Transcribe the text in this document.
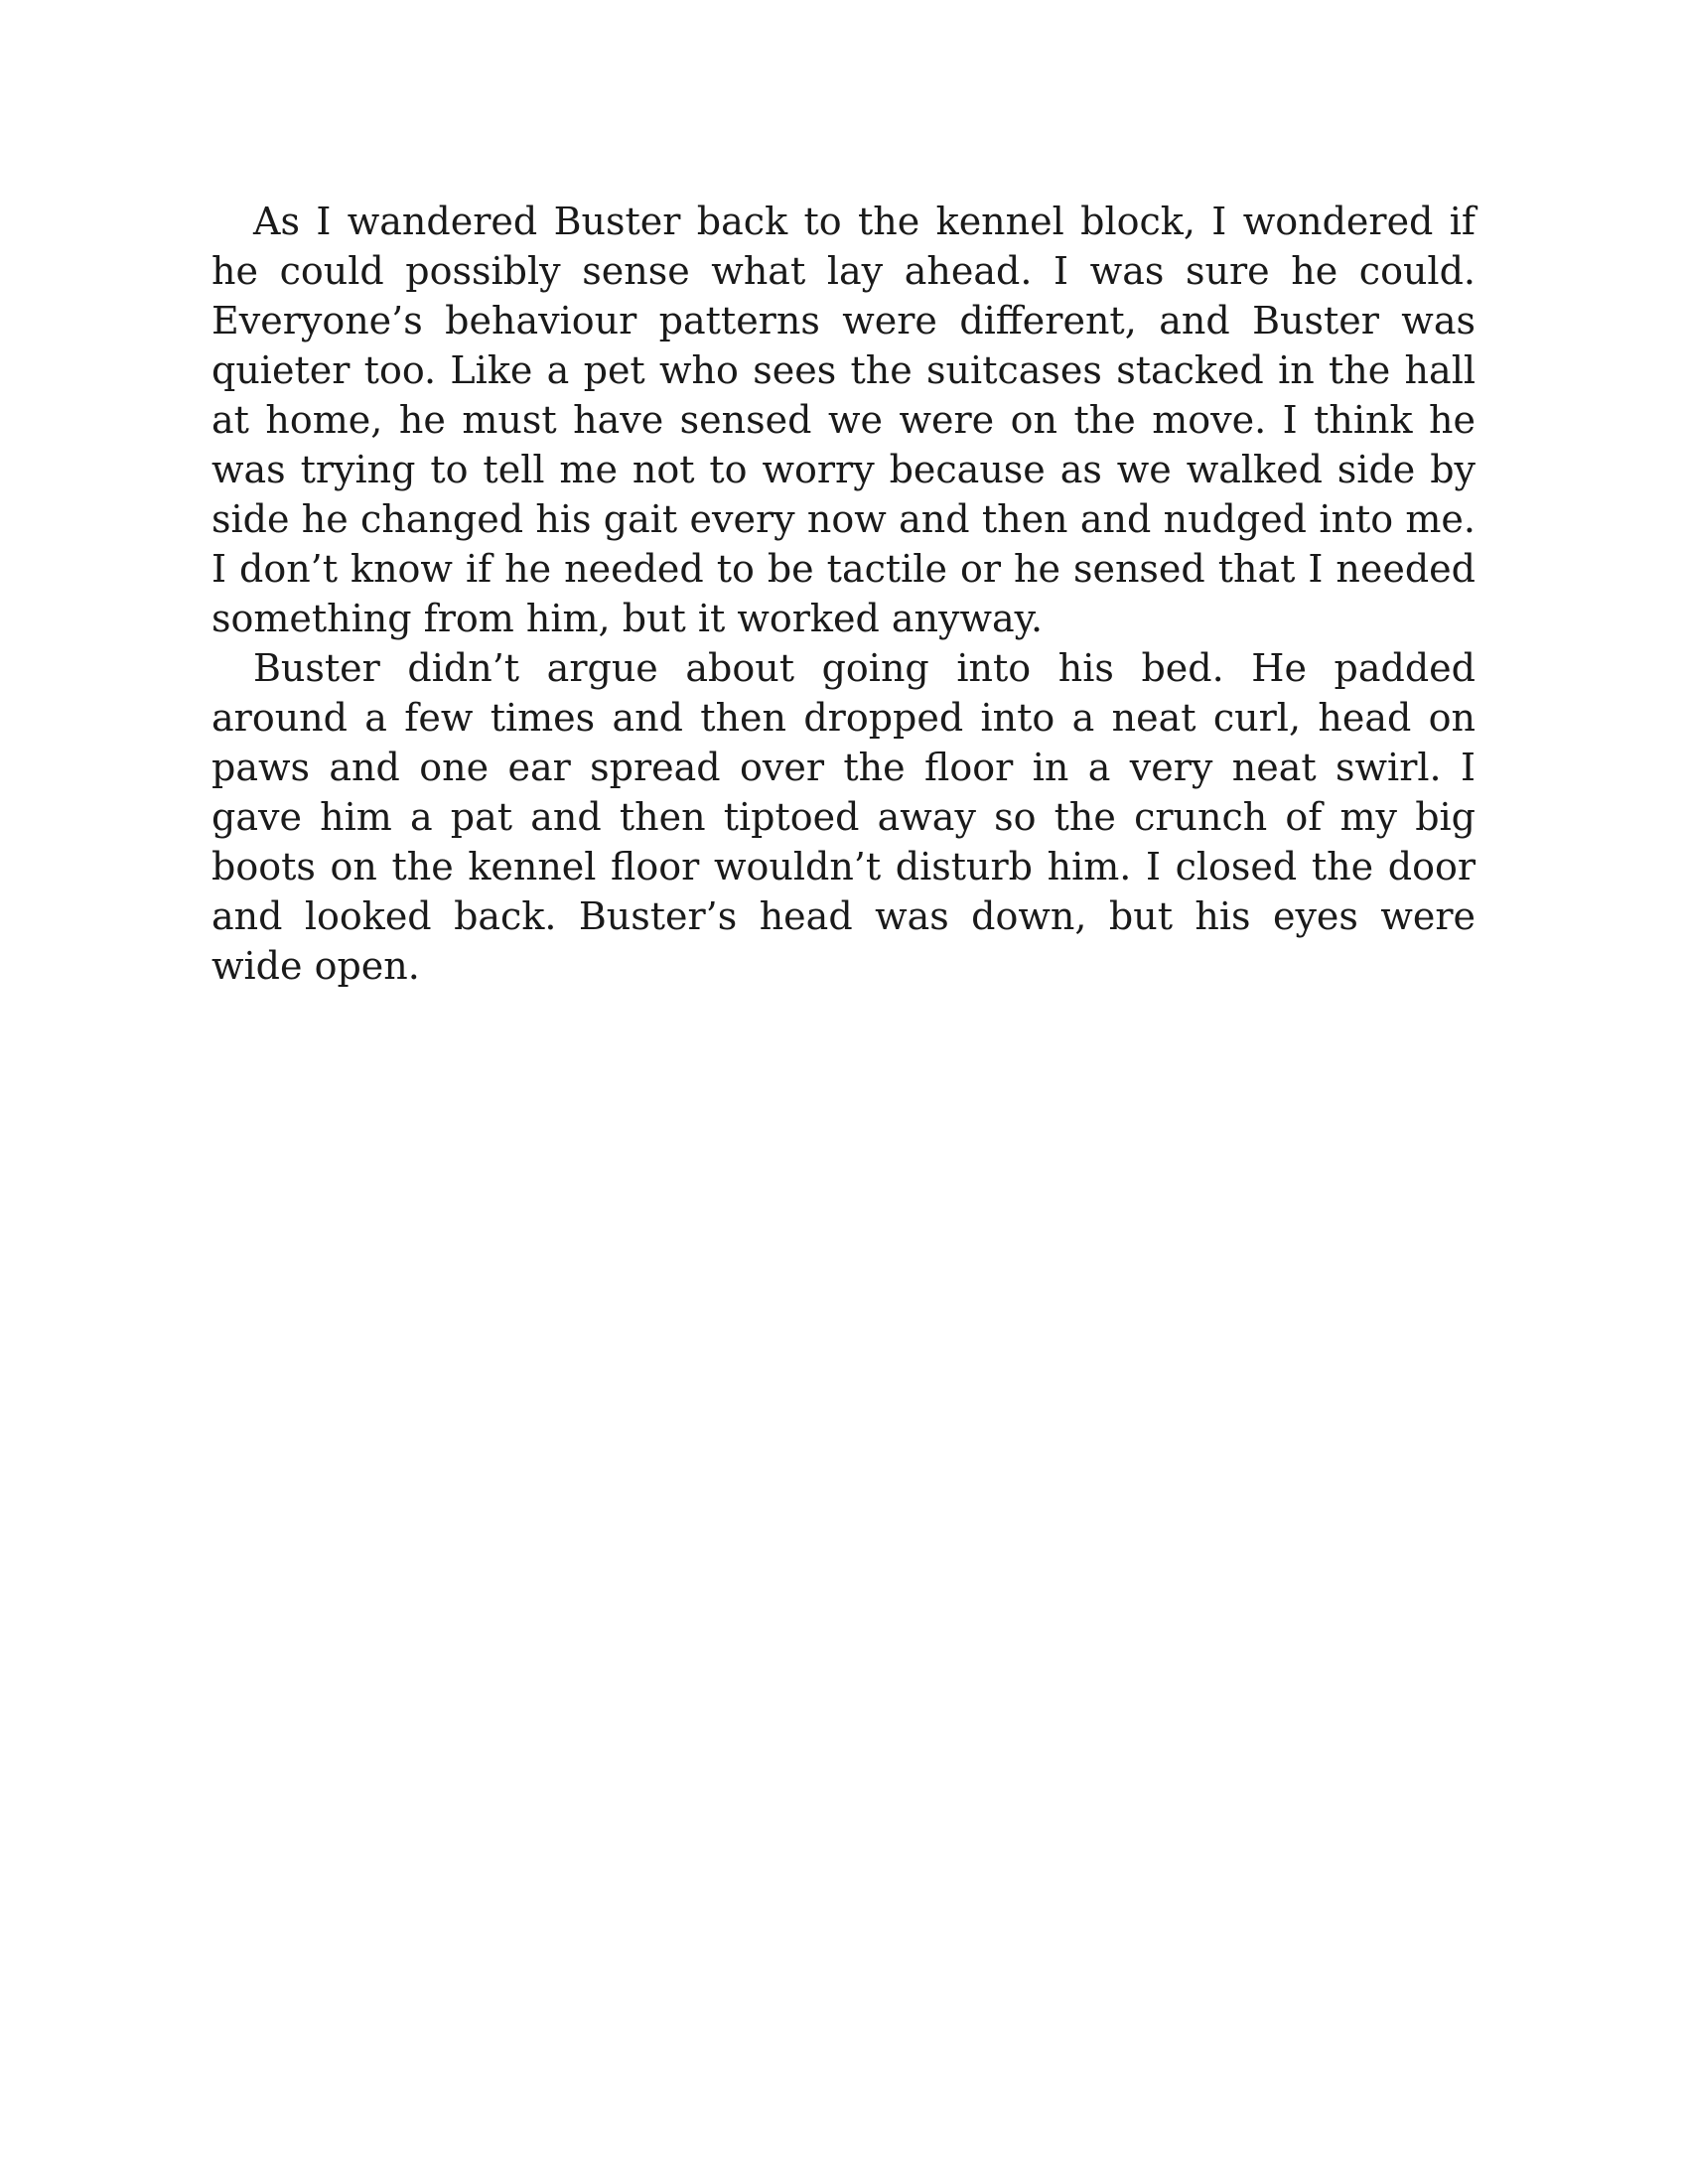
As I wandered Buster back to the kennel block, I wondered if he could possibly sense what lay ahead. I was sure he could. Everyone’s behaviour patterns were different, and Buster was quieter too. Like a pet who sees the suitcases stacked in the hall at home, he must have sensed we were on the move. I think he was trying to tell me not to worry because as we walked side by side he changed his gait every now and then and nudged into me. I don’t know if he needed to be tactile or he sensed that I needed something from him, but it worked anyway.

Buster didn’t argue about going into his bed. He padded around a few times and then dropped into a neat curl, head on paws and one ear spread over the floor in a very neat swirl. I gave him a pat and then tiptoed away so the crunch of my big boots on the kennel floor wouldn’t disturb him. I closed the door and looked back. Buster’s head was down, but his eyes were wide open.
